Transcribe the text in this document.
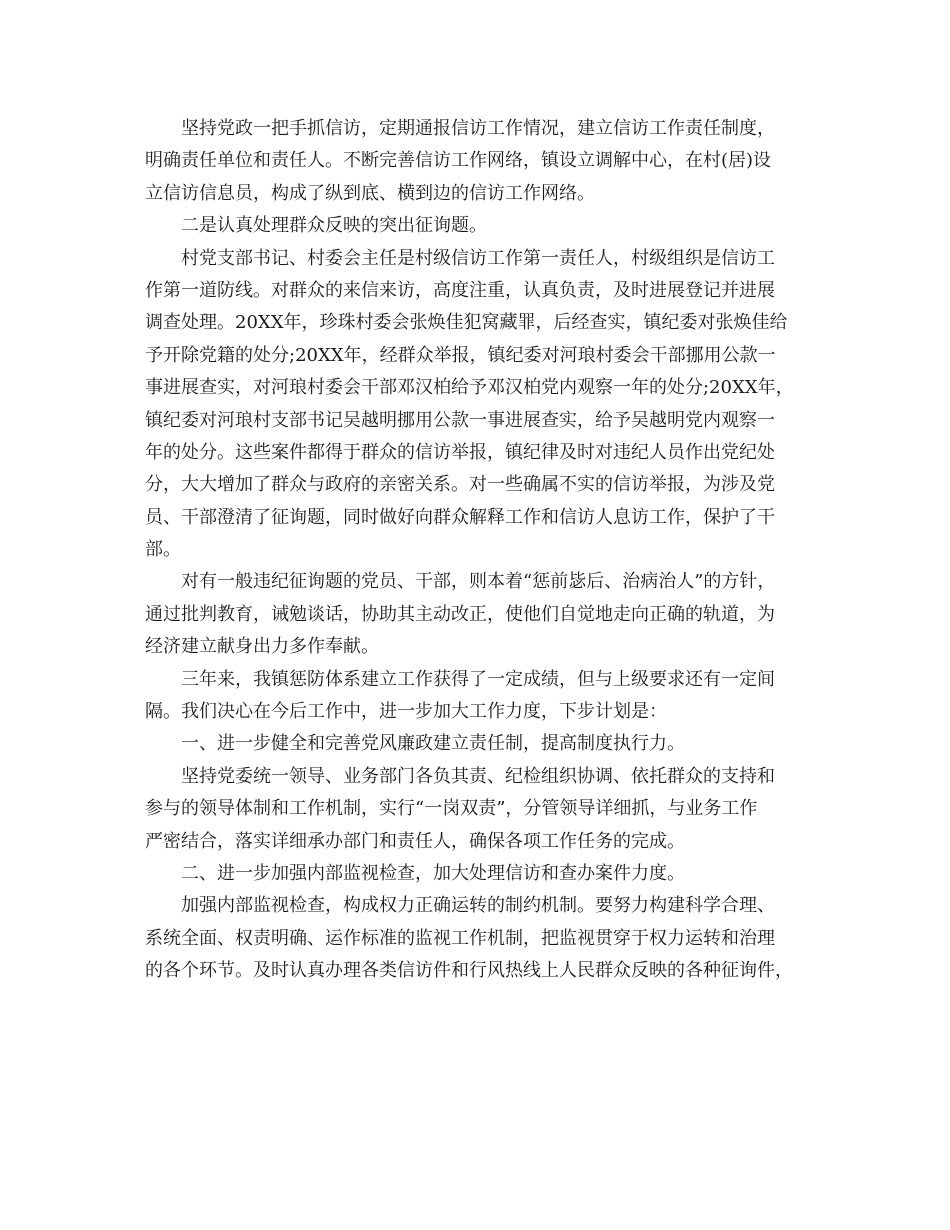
坚持党政一把手抓信访，定期通报信访工作情况，建立信访工作责任制度，
明确责任单位和责任人。不断完善信访工作网络，镇设立调解中心，在村(居)设
立信访信息员，构成了纵到底、横到边的信访工作网络。
二是认真处理群众反映的突出征询题。
村党支部书记、村委会主任是村级信访工作第一责任人，村级组织是信访工
作第一道防线。对群众的来信来访，高度注重，认真负责，及时进展登记并进展
调查处理。20XX年，珍珠村委会张焕佳犯窝藏罪，后经查实，镇纪委对张焕佳给
予开除党籍的处分;20XX年，经群众举报，镇纪委对河琅村委会干部挪用公款一
事进展查实，对河琅村委会干部邓汉柏给予邓汉柏党内观察一年的处分;20XX年，
镇纪委对河琅村支部书记吴越明挪用公款一事进展查实，给予吴越明党内观察一
年的处分。这些案件都得于群众的信访举报，镇纪律及时对违纪人员作出党纪处
分，大大增加了群众与政府的亲密关系。对一些确属不实的信访举报，为涉及党
员、干部澄清了征询题，同时做好向群众解释工作和信访人息访工作，保护了干
部。
对有一般违纪征询题的党员、干部，则本着“惩前毖后、治病治人”的方针，
通过批判教育，诫勉谈话，协助其主动改正，使他们自觉地走向正确的轨道，为
经济建立献身出力多作奉献。
三年来，我镇惩防体系建立工作获得了一定成绩，但与上级要求还有一定间
隔。我们决心在今后工作中，进一步加大工作力度，下步计划是：
一、进一步健全和完善党风廉政建立责任制，提高制度执行力。
坚持党委统一领导、业务部门各负其责、纪检组织协调、依托群众的支持和
参与的领导体制和工作机制，实行“一岗双责”，分管领导详细抓，与业务工作
严密结合，落实详细承办部门和责任人，确保各项工作任务的完成。
二、进一步加强内部监视检查，加大处理信访和查办案件力度。
加强内部监视检查，构成权力正确运转的制约机制。要努力构建科学合理、
系统全面、权责明确、运作标准的监视工作机制，把监视贯穿于权力运转和治理
的各个环节。及时认真办理各类信访件和行风热线上人民群众反映的各种征询件，
